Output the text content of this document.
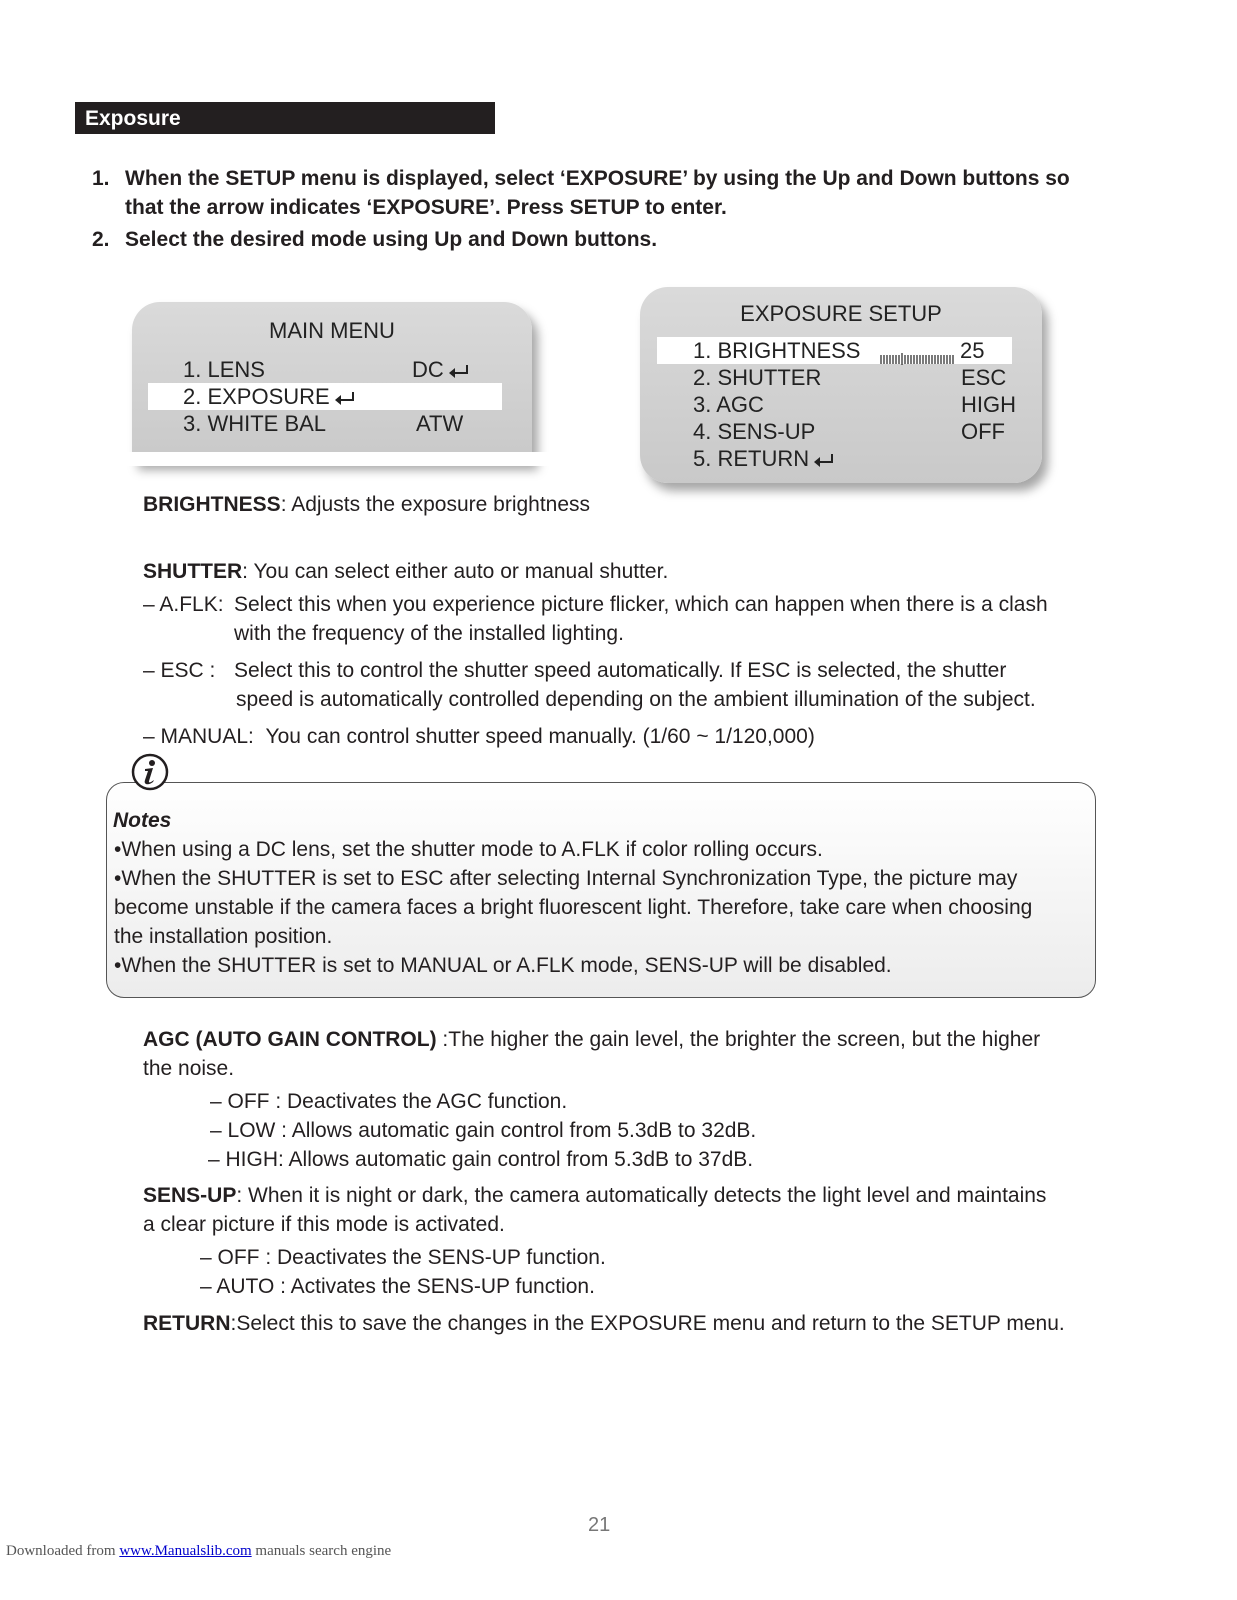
Exposure
1. When the SETUP menu is displayed, select ‘EXPOSURE’ by using the Up and Down buttons so
that the arrow indicates ‘EXPOSURE’. Press SETUP to enter.
2. Select the desired mode using Up and Down buttons.
MAIN MENU
1. LENS	DC
2. EXPOSURE
3. WHITE BAL	ATW
EXPOSURE SETUP
1. BRIGHTNESS	25
2. SHUTTER	ESC
3. AGC	HIGH
4. SENS-UP	OFF
5. RETURN
BRIGHTNESS: Adjusts the exposure brightness
SHUTTER: You can select either auto or manual shutter.
– A.FLK: Select this when you experience picture flicker, which can happen when there is a clash
with the frequency of the installed lighting.
– ESC : Select this to control the shutter speed automatically. If ESC is selected, the shutter
speed is automatically controlled depending on the ambient illumination of the subject.
– MANUAL: You can control shutter speed manually. (1/60 ~ 1/120,000)
Notes
•When using a DC lens, set the shutter mode to A.FLK if color rolling occurs.
•When the SHUTTER is set to ESC after selecting Internal Synchronization Type, the picture may
become unstable if the camera faces a bright fluorescent light. Therefore, take care when choosing
the installation position.
•When the SHUTTER is set to MANUAL or A.FLK mode, SENS-UP will be disabled.
AGC (AUTO GAIN CONTROL) :The higher the gain level, the brighter the screen, but the higher
the noise.
– OFF : Deactivates the AGC function.
– LOW : Allows automatic gain control from 5.3dB to 32dB.
– HIGH: Allows automatic gain control from 5.3dB to 37dB.
SENS-UP: When it is night or dark, the camera automatically detects the light level and maintains
a clear picture if this mode is activated.
– OFF : Deactivates the SENS-UP function.
– AUTO : Activates the SENS-UP function.
RETURN:Select this to save the changes in the EXPOSURE menu and return to the SETUP menu.
21
Downloaded from www.Manualslib.com manuals search engine
